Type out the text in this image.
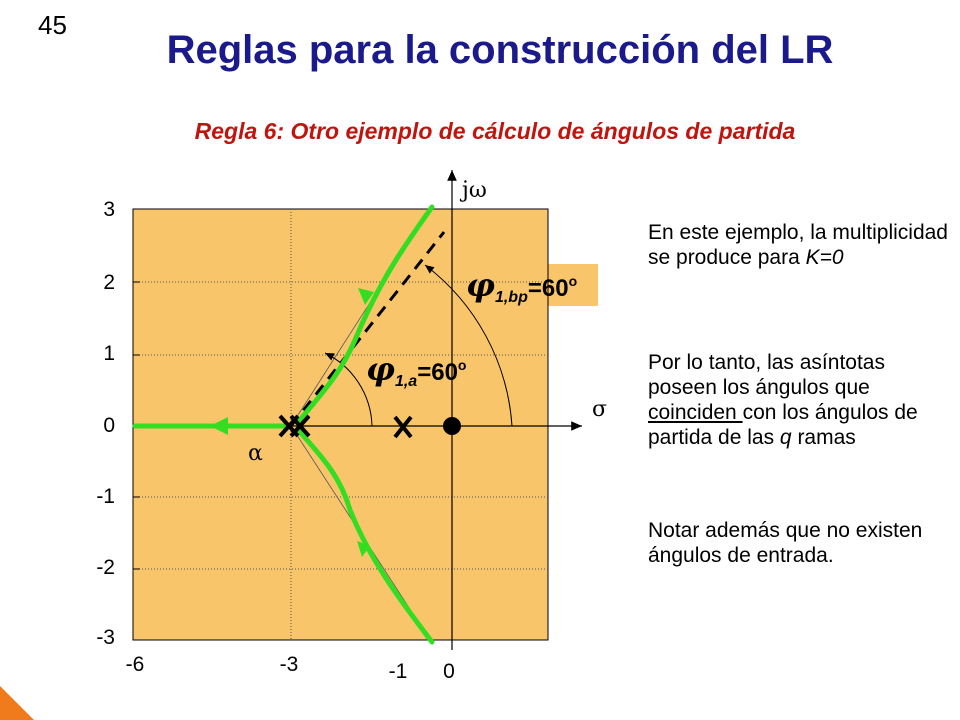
45
Reglas para la construcción del LR
Regla 6: Otro ejemplo de cálculo de ángulos de partida
jω
σ
α
$\varphi_{1,bp}=60^o$
$\varphi_{1,a}=60^o$
3
2
1
0
-1
-2
-3
-6	-3	-1 0

En este ejemplo, la multiplicidad se produce para K=0

Por lo tanto, las asíntotas poseen los ángulos que coinciden con los ángulos de partida de las q ramas

Notar además que no existen ángulos de entrada.
